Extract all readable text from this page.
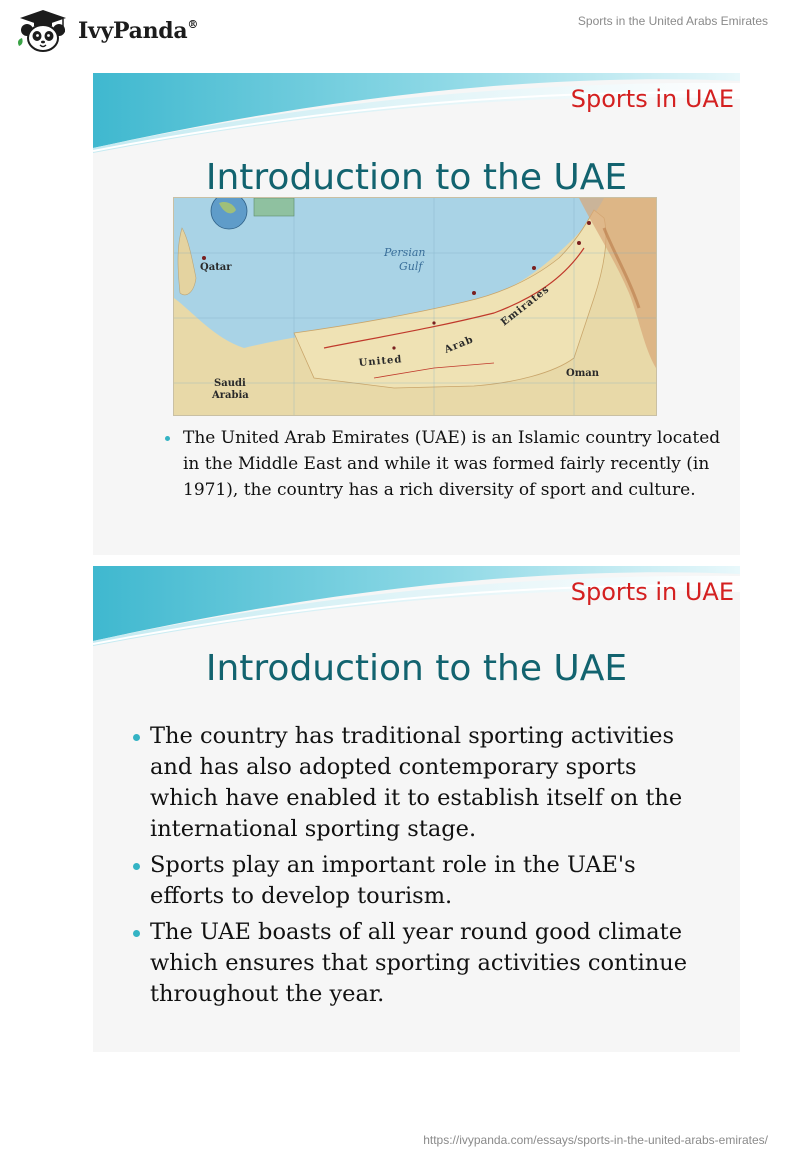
IvyPanda®	Sports in the United Arabs Emirates
Sports in UAE
Introduction to the UAE
Persian
Gulf
Qatar
United
Arab
Emirates
Oman
Saudi
Arabia
The United Arab Emirates (UAE) is an Islamic country located in the Middle East and while it was formed fairly recently (in 1971), the country has a rich diversity of sport and culture.
Sports in UAE
Introduction to the UAE
The country has traditional sporting activities and has also adopted contemporary sports which have enabled it to establish itself on the international sporting stage.
Sports play an important role in the UAE's efforts to develop tourism.
The UAE boasts of all year round good climate which ensures that sporting activities continue throughout the year.
https://ivypanda.com/essays/sports-in-the-united-arabs-emirates/
